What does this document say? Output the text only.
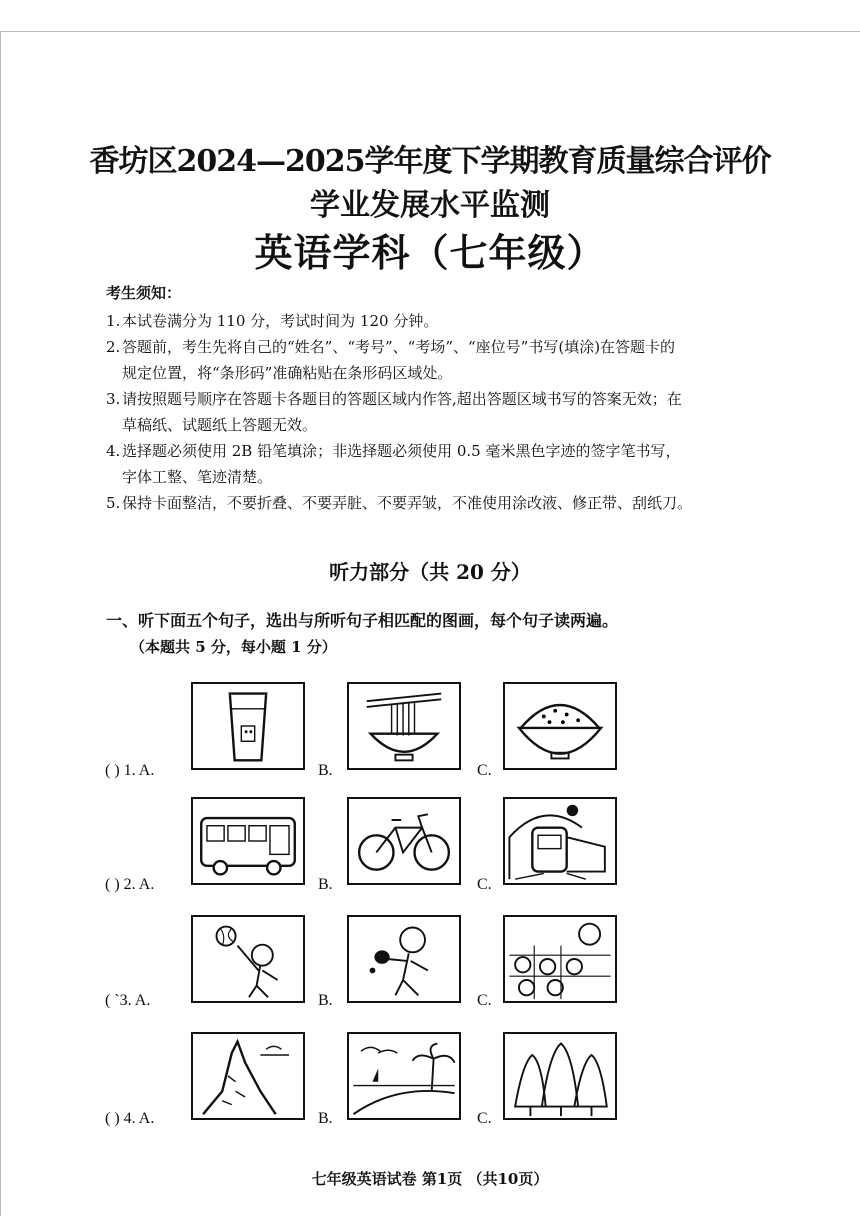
香坊区2024—2025学年度下学期教育质量综合评价
学业发展水平监测
英语学科（七年级）
考生须知：
1. 本试卷满分为 110 分，考试时间为 120 分钟。
2. 答题前，考生先将自己的“姓名”、“考号”、“考场”、“座位号”书写(填涂)在答题卡的
规定位置，将“条形码”准确粘贴在条形码区域处。
3. 请按照题号顺序在答题卡各题目的答题区域内作答,超出答题区域书写的答案无效；在
草稿纸、试题纸上答题无效。
4. 选择题必须使用 2B 铅笔填涂；非选择题必须使用 0.5 毫米黑色字迹的签字笔书写，
字体工整、笔迹清楚。
5. 保持卡面整洁，不要折叠、不要弄脏、不要弄皱，不准使用涂改液、修正带、刮纸刀。
听力部分（共 20 分）
一、听下面五个句子，选出与所听句子相匹配的图画，每个句子读两遍。
（本题共 5 分，每小题 1 分）
( ) 1. A.	B.	C.
( ) 2. A.	B.	C.
( `3. A.	B.	C.
( ) 4. A.	B.	C.
七年级英语试卷 第1页 （共10页）
